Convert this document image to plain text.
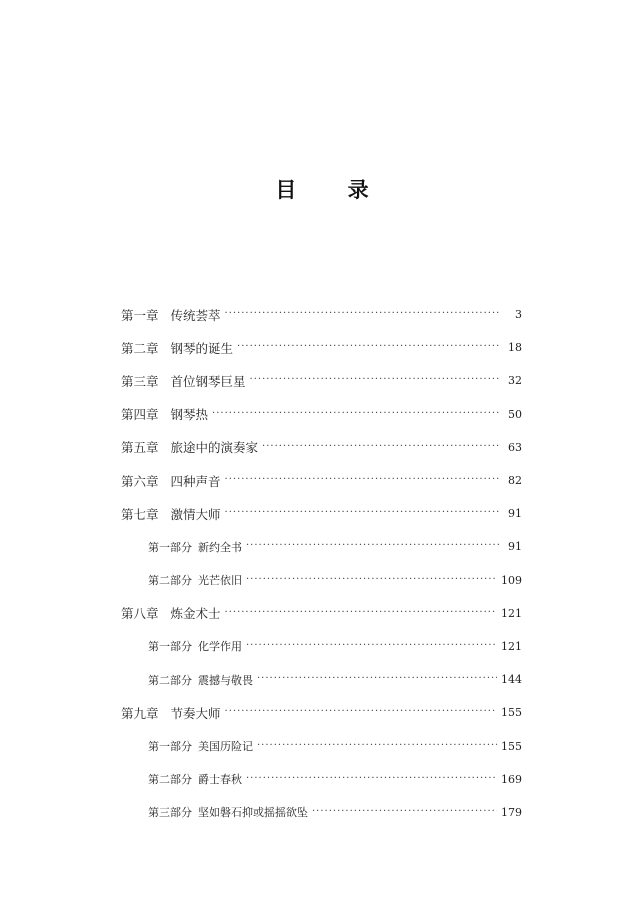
目 录
第一章 传统荟萃 ·····	3
第二章 钢琴的诞生 ·····	18
第三章 首位钢琴巨星 ·····	32
第四章 钢琴热 ·····	50
第五章 旅途中的演奏家 ·····	63
第六章 四种声音 ·····	82
第七章 激情大师 ·····	91
第一部分 新约全书 ·····	91
第二部分 光芒依旧 ·····	109
第八章 炼金术士 ·····	121
第一部分 化学作用 ·····	121
第二部分 震撼与敬畏 ·····	144
第九章 节奏大师 ·····	155
第一部分 美国历险记 ·····	155
第二部分 爵士春秋 ·····	169
第三部分 坚如磐石抑或摇摇欲坠 ·····	179
